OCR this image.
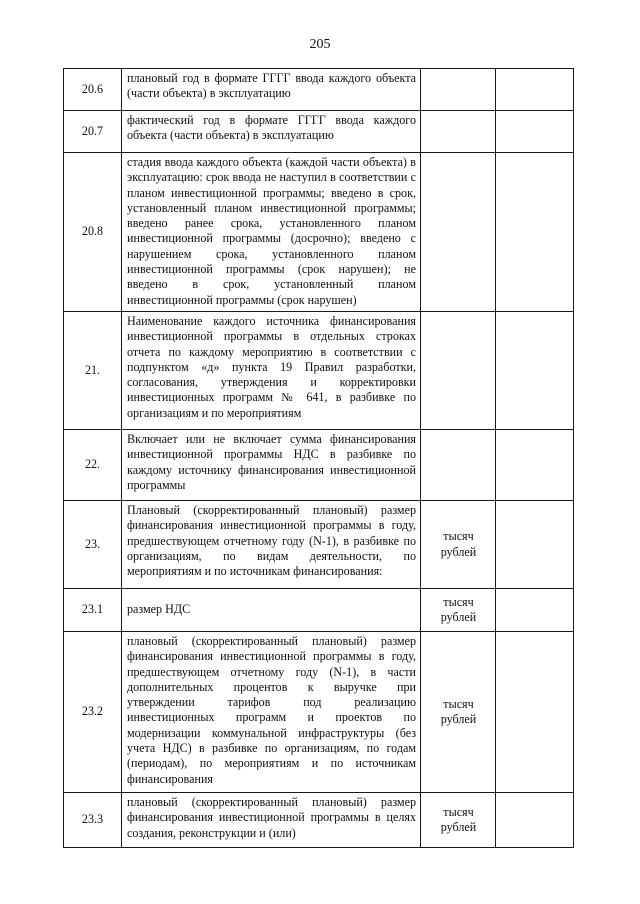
205
20.6	плановый год в формате ГГГГ ввода каждого объекта (части объекта) в эксплуатацию		
20.7	фактический год в формате ГГГГ ввода каждого объекта (части объекта) в эксплуатацию		
20.8	стадия ввода каждого объекта (каждой части объекта) в эксплуатацию: срок ввода не наступил в соответствии с планом инвестиционной программы; введено в срок, установленный планом инвестиционной программы; введено ранее срока, установленного планом инвестиционной программы (досрочно); введено с нарушением срока, установленного планом инвестиционной программы (срок нарушен); не введено в срок, установленный планом инвестиционной программы (срок нарушен)		
21.	Наименование каждого источника финансирования инвестиционной программы в отдельных строках отчета по каждому мероприятию в соответствии с подпунктом «д» пункта 19 Правил разработки, согласования, утверждения и корректировки инвестиционных программ № 641, в разбивке по организациям и по мероприятиям		
22.	Включает или не включает сумма финансирования инвестиционной программы НДС в разбивке по каждому источнику финансирования инвестиционной программы		
23.	Плановый (скорректированный плановый) размер финансирования инвестиционной программы в году, предшествующем отчетному году (N-1), в разбивке по организациям, по видам деятельности, по мероприятиям и по источникам финансирования:	тысяч рублей	
23.1	размер НДС	тысяч рублей	
23.2	плановый (скорректированный плановый) размер финансирования инвестиционной программы в году, предшествующем отчетному году (N-1), в части дополнительных процентов к выручке при утверждении тарифов под реализацию инвестиционных программ и проектов по модернизации коммунальной инфраструктуры (без учета НДС) в разбивке по организациям, по годам (периодам), по мероприятиям и по источникам финансирования	тысяч рублей	
23.3	плановый (скорректированный плановый) размер финансирования инвестиционной программы в целях создания, реконструкции и (или)	тысяч рублей	
